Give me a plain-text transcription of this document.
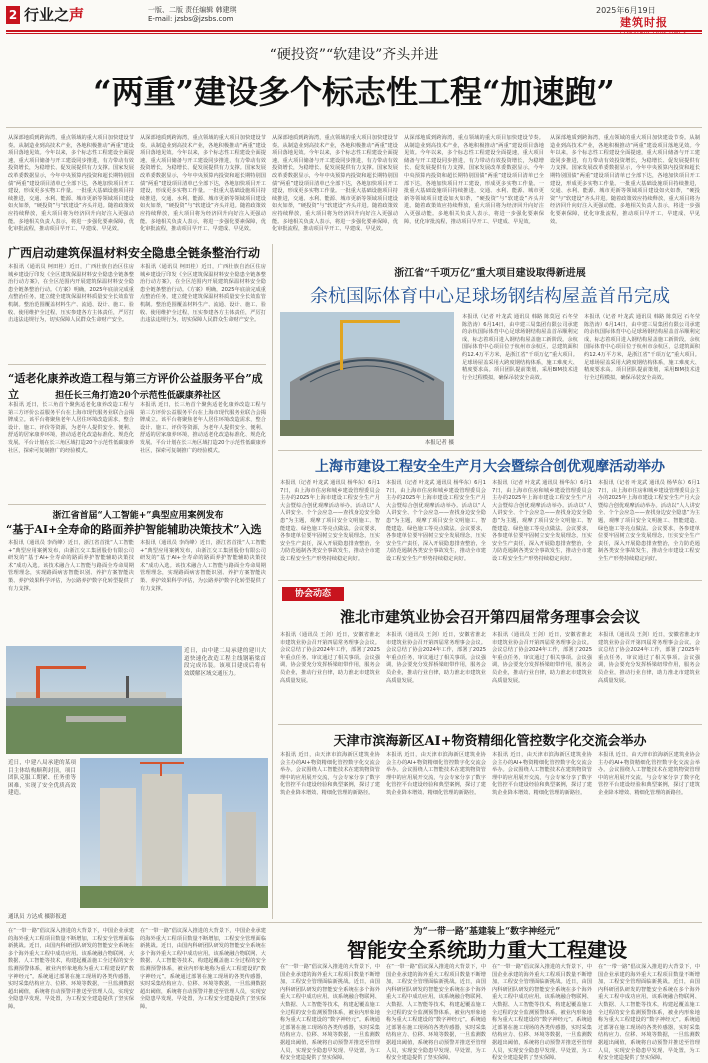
2 行业之声	一版、二版 责任编辑 韩建琪
E-mail: jzsbs@jzsbs.com
2025年6月19日
建筑时报
“硬投资”“软建设”齐头并进
“两重”建设多个标志性工程“加速跑”
从深部地质到跨海湾，重点领域的重大项目加快建设节奏。从制造业到高技术产业，各地积极推动“两重”建设项目落地见效。今年以来，多个标志性工程建设全面提速，重大项目储备与开工建设同步推进，有力带动有效投资增长，为稳增长、促发展提供有力支撑。国家发展改革委数据显示，今年中央预算内投资和超长期特别国债“两重”建设项目清单已全部下达，各地加快项目开工建设，形成更多实物工作量。一批重大基础设施项目持续推进，交通、水利、能源、城市更新等领域项目建设如火如荼，“硬投资”与“软建设”齐头并进。随着政策效应持续释放，重大项目将为经济回升向好注入更强动能。多地相关负责人表示，将进一步强化要素保障，优化审批流程，推动项目早开工、早建成、早见效。
从深部地质到跨海湾，重点领域的重大项目加快建设节奏。从制造业到高技术产业，各地积极推动“两重”建设项目落地见效。今年以来，多个标志性工程建设全面提速，重大项目储备与开工建设同步推进，有力带动有效投资增长，为稳增长、促发展提供有力支撑。国家发展改革委数据显示，今年中央预算内投资和超长期特别国债“两重”建设项目清单已全部下达，各地加快项目开工建设，形成更多实物工作量。一批重大基础设施项目持续推进，交通、水利、能源、城市更新等领域项目建设如火如荼，“硬投资”与“软建设”齐头并进。随着政策效应持续释放，重大项目将为经济回升向好注入更强动能。多地相关负责人表示，将进一步强化要素保障，优化审批流程，推动项目早开工、早建成、早见效。
从深部地质到跨海湾，重点领域的重大项目加快建设节奏。从制造业到高技术产业，各地积极推动“两重”建设项目落地见效。今年以来，多个标志性工程建设全面提速，重大项目储备与开工建设同步推进，有力带动有效投资增长，为稳增长、促发展提供有力支撑。国家发展改革委数据显示，今年中央预算内投资和超长期特别国债“两重”建设项目清单已全部下达，各地加快项目开工建设，形成更多实物工作量。一批重大基础设施项目持续推进，交通、水利、能源、城市更新等领域项目建设如火如荼，“硬投资”与“软建设”齐头并进。随着政策效应持续释放，重大项目将为经济回升向好注入更强动能。多地相关负责人表示，将进一步强化要素保障，优化审批流程，推动项目早开工、早建成、早见效。
从深部地质到跨海湾，重点领域的重大项目加快建设节奏。从制造业到高技术产业，各地积极推动“两重”建设项目落地见效。今年以来，多个标志性工程建设全面提速，重大项目储备与开工建设同步推进，有力带动有效投资增长，为稳增长、促发展提供有力支撑。国家发展改革委数据显示，今年中央预算内投资和超长期特别国债“两重”建设项目清单已全部下达，各地加快项目开工建设，形成更多实物工作量。一批重大基础设施项目持续推进，交通、水利、能源、城市更新等领域项目建设如火如荼，“硬投资”与“软建设”齐头并进。随着政策效应持续释放，重大项目将为经济回升向好注入更强动能。多地相关负责人表示，将进一步强化要素保障，优化审批流程，推动项目早开工、早建成、早见效。
从深部地质到跨海湾，重点领域的重大项目加快建设节奏。从制造业到高技术产业，各地积极推动“两重”建设项目落地见效。今年以来，多个标志性工程建设全面提速，重大项目储备与开工建设同步推进，有力带动有效投资增长，为稳增长、促发展提供有力支撑。国家发展改革委数据显示，今年中央预算内投资和超长期特别国债“两重”建设项目清单已全部下达，各地加快项目开工建设，形成更多实物工作量。一批重大基础设施项目持续推进，交通、水利、能源、城市更新等领域项目建设如火如荼，“硬投资”与“软建设”齐头并进。随着政策效应持续释放，重大项目将为经济回升向好注入更强动能。多地相关负责人表示，将进一步强化要素保障，优化审批流程，推动项目早开工、早建成、早见效。
广西启动建筑保温材料安全隐患全链条整治行动
本报讯（通讯员 柯田桂）近日，广西壮族自治区住房城乡建设厅印发《全区建筑保温材料安全隐患全链条整治行动方案》，在全区范围内开展建筑保温材料安全隐患全链条整治行动。《方案》明确，2025年底前完成重点整治任务，建立健全建筑保温材料质量安全长效监管机制。整治范围覆盖材料生产、流通、设计、施工、验收、使用维护全过程，压实参建各方主体责任，严厉打击违法违规行为，切实保障人民群众生命财产安全。
本报讯（通讯员 柯田桂）近日，广西壮族自治区住房城乡建设厅印发《全区建筑保温材料安全隐患全链条整治行动方案》，在全区范围内开展建筑保温材料安全隐患全链条整治行动。《方案》明确，2025年底前完成重点整治任务，建立健全建筑保温材料质量安全长效监管机制。整治范围覆盖材料生产、流通、设计、施工、验收、使用维护全过程，压实参建各方主体责任，严厉打击违法违规行为，切实保障人民群众生命财产安全。
“适老化康养改造工程与第三方评价公益服务平台”成立	担任长三角打造20个示范性低碳康养社区
本报讯 近日，长三角首个聚焦适老化康养改造工程与第三方评价公益服务平台在上海市现代服务业联合会揭牌成立。该平台将聚焦老年人居住环境改造需求，整合设计、施工、评价等资源，为老年人提供安全、便利、舒适的居家康养环境，推动适老化改造标准化、规范化发展。平台计划在长三角区域打造20个示范性低碳康养社区，探索可复制推广的经验模式。
本报讯 近日，长三角首个聚焦适老化康养改造工程与第三方评价公益服务平台在上海市现代服务业联合会揭牌成立。该平台将聚焦老年人居住环境改造需求，整合设计、施工、评价等资源，为老年人提供安全、便利、舒适的居家康养环境，推动适老化改造标准化、规范化发展。平台计划在长三角区域打造20个示范性低碳康养社区，探索可复制推广的经验模式。
浙江省首届“人工智能+”典型应用案例发布
“基于AI+全寿命的路面养护智能辅助决策技术”入选
本报讯（通讯员 李尚峰）近日，浙江省首批“人工智能+”典型应用案例发布，由浙江交工集团股份有限公司研发的“基于AI+全寿命的路面养护智能辅助决策技术”成功入选。该技术融合人工智能与路面全寿命周期管理理念，实现路面病害智能识别、养护方案智能决策、养护效果科学评估，为公路养护数字化转型提供了有力支撑。
本报讯（通讯员 李尚峰）近日，浙江省首批“人工智能+”典型应用案例发布，由浙江交工集团股份有限公司研发的“基于AI+全寿命的路面养护智能辅助决策技术”成功入选。该技术融合人工智能与路面全寿命周期管理理念，实现路面病害智能识别、养护方案智能决策、养护效果科学评估，为公路养护数字化转型提供了有力支撑。
近日，由中建二局承建的建川大道快速化改造工程主线钢箱梁首段完成吊装。该项目建成后将有效缓解区域交通压力。
近日，中建八局承建的某项目主体结构顺利封顶，项目团队克服工期紧、任务重等困难，实现了安全优质高效建造。
通讯员 方达成 摄影报道
浙江省“千项万亿”重大项目建设取得新进展
余杭国际体育中心足球场钢结构屋盖首吊完成
本报记者 摄
本报讯（记者 叶龙武 通讯员 韩路 陈莫冠 石冬莹 陈浩涛）6月14日，由中建三局集团有限公司承建的余杭国际体育中心足球场钢结构屋盖首吊顺利完成，标志着项目进入钢结构屋盖施工新阶段。余杭国际体育中心项目位于杭州市余杭区，总建筑面积约12.4万平方米，是浙江省“千项万亿”重大项目。足球场屋盖采用大跨度钢结构体系，施工难度大、精度要求高。项目团队提前策划，采用BIM技术进行全过程模拟，确保吊装安全高效。
本报讯（记者 叶龙武 通讯员 韩路 陈莫冠 石冬莹 陈浩涛）6月14日，由中建三局集团有限公司承建的余杭国际体育中心足球场钢结构屋盖首吊顺利完成，标志着项目进入钢结构屋盖施工新阶段。余杭国际体育中心项目位于杭州市余杭区，总建筑面积约12.4万平方米，是浙江省“千项万亿”重大项目。足球场屋盖采用大跨度钢结构体系，施工难度大、精度要求高。项目团队提前策划，采用BIM技术进行全过程模拟，确保吊装安全高效。
上海市建设工程安全生产月大会暨综合创优观摩活动举办
本报讯（记者 叶龙武 通讯员 杨华东）6月17日，由上海市住房和城乡建设管理委员会主办的2025年上海市建设工程安全生产月大会暨综合创优观摩活动举办。活动以“人人讲安全、个个会应急——查找身边安全隐患”为主题，观摩了项目安全文明施工、智能建造、绿色施工等亮点做法。会议要求，各参建单位要牢固树立安全发展理念，压实安全生产责任，深入开展隐患排查整治，全力防范遏制各类安全事故发生，推动全市建设工程安全生产形势持续稳定向好。
本报讯（记者 叶龙武 通讯员 杨华东）6月17日，由上海市住房和城乡建设管理委员会主办的2025年上海市建设工程安全生产月大会暨综合创优观摩活动举办。活动以“人人讲安全、个个会应急——查找身边安全隐患”为主题，观摩了项目安全文明施工、智能建造、绿色施工等亮点做法。会议要求，各参建单位要牢固树立安全发展理念，压实安全生产责任，深入开展隐患排查整治，全力防范遏制各类安全事故发生，推动全市建设工程安全生产形势持续稳定向好。
本报讯（记者 叶龙武 通讯员 杨华东）6月17日，由上海市住房和城乡建设管理委员会主办的2025年上海市建设工程安全生产月大会暨综合创优观摩活动举办。活动以“人人讲安全、个个会应急——查找身边安全隐患”为主题，观摩了项目安全文明施工、智能建造、绿色施工等亮点做法。会议要求，各参建单位要牢固树立安全发展理念，压实安全生产责任，深入开展隐患排查整治，全力防范遏制各类安全事故发生，推动全市建设工程安全生产形势持续稳定向好。
本报讯（记者 叶龙武 通讯员 杨华东）6月17日，由上海市住房和城乡建设管理委员会主办的2025年上海市建设工程安全生产月大会暨综合创优观摩活动举办。活动以“人人讲安全、个个会应急——查找身边安全隐患”为主题，观摩了项目安全文明施工、智能建造、绿色施工等亮点做法。会议要求，各参建单位要牢固树立安全发展理念，压实安全生产责任，深入开展隐患排查整治，全力防范遏制各类安全事故发生，推动全市建设工程安全生产形势持续稳定向好。
协会动态
淮北市建筑业协会召开第四届常务理事会会议
本报讯（通讯员 王剑）近日，安徽省淮北市建筑业协会召开第四届常务理事会会议。会议总结了协会2024年工作，部署了2025年重点任务，审议通过了相关事项。会议强调，协会要充分发挥桥梁纽带作用，服务会员企业，推动行业自律，助力淮北市建筑业高质量发展。
本报讯（通讯员 王剑）近日，安徽省淮北市建筑业协会召开第四届常务理事会会议。会议总结了协会2024年工作，部署了2025年重点任务，审议通过了相关事项。会议强调，协会要充分发挥桥梁纽带作用，服务会员企业，推动行业自律，助力淮北市建筑业高质量发展。
本报讯（通讯员 王剑）近日，安徽省淮北市建筑业协会召开第四届常务理事会会议。会议总结了协会2024年工作，部署了2025年重点任务，审议通过了相关事项。会议强调，协会要充分发挥桥梁纽带作用，服务会员企业，推动行业自律，助力淮北市建筑业高质量发展。
本报讯（通讯员 王剑）近日，安徽省淮北市建筑业协会召开第四届常务理事会会议。会议总结了协会2024年工作，部署了2025年重点任务，审议通过了相关事项。会议强调，协会要充分发挥桥梁纽带作用，服务会员企业，推动行业自律，助力淮北市建筑业高质量发展。
天津市滨海新区AI+物资精细化管控数字化交流会举办
本报讯 近日，由天津市滨海新区建筑业协会主办的AI+物资精细化管控数字化交流会举办。会议围绕人工智能技术在建筑物资管理中的应用展开交流，与会专家分享了数字化管控平台建设经验和典型案例，探讨了建筑企业降本增效、精细化管理的新路径。
本报讯 近日，由天津市滨海新区建筑业协会主办的AI+物资精细化管控数字化交流会举办。会议围绕人工智能技术在建筑物资管理中的应用展开交流，与会专家分享了数字化管控平台建设经验和典型案例，探讨了建筑企业降本增效、精细化管理的新路径。
本报讯 近日，由天津市滨海新区建筑业协会主办的AI+物资精细化管控数字化交流会举办。会议围绕人工智能技术在建筑物资管理中的应用展开交流，与会专家分享了数字化管控平台建设经验和典型案例，探讨了建筑企业降本增效、精细化管理的新路径。
本报讯 近日，由天津市滨海新区建筑业协会主办的AI+物资精细化管控数字化交流会举办。会议围绕人工智能技术在建筑物资管理中的应用展开交流，与会专家分享了数字化管控平台建设经验和典型案例，探讨了建筑企业降本增效、精细化管理的新路径。
为“一带一路”基建装上“数字神经元”
智能安全系统助力重大工程建设
在“一带一路”倡议深入推进的大背景下，中国企业承建的海外重大工程项目数量不断增加，工程安全管理面临新挑战。近日，由国内科研团队研发的智能安全系统在多个海外重大工程中成功应用。该系统融合物联网、大数据、人工智能等技术，构建起覆盖施工全过程的安全监测预警体系，被业内形象地称为重大工程建设的“数字神经元”。系统通过部署在施工现场的各类传感器，实时采集结构应力、位移、环境等数据，一旦监测数据超出阈值，系统将自动预警并推送至管理人员，实现安全隐患早发现、早处置，为工程安全建造提供了坚实保障。
在“一带一路”倡议深入推进的大背景下，中国企业承建的海外重大工程项目数量不断增加，工程安全管理面临新挑战。近日，由国内科研团队研发的智能安全系统在多个海外重大工程中成功应用。该系统融合物联网、大数据、人工智能等技术，构建起覆盖施工全过程的安全监测预警体系，被业内形象地称为重大工程建设的“数字神经元”。系统通过部署在施工现场的各类传感器，实时采集结构应力、位移、环境等数据，一旦监测数据超出阈值，系统将自动预警并推送至管理人员，实现安全隐患早发现、早处置，为工程安全建造提供了坚实保障。
在“一带一路”倡议深入推进的大背景下，中国企业承建的海外重大工程项目数量不断增加，工程安全管理面临新挑战。近日，由国内科研团队研发的智能安全系统在多个海外重大工程中成功应用。该系统融合物联网、大数据、人工智能等技术，构建起覆盖施工全过程的安全监测预警体系，被业内形象地称为重大工程建设的“数字神经元”。系统通过部署在施工现场的各类传感器，实时采集结构应力、位移、环境等数据，一旦监测数据超出阈值，系统将自动预警并推送至管理人员，实现安全隐患早发现、早处置，为工程安全建造提供了坚实保障。
在“一带一路”倡议深入推进的大背景下，中国企业承建的海外重大工程项目数量不断增加，工程安全管理面临新挑战。近日，由国内科研团队研发的智能安全系统在多个海外重大工程中成功应用。该系统融合物联网、大数据、人工智能等技术，构建起覆盖施工全过程的安全监测预警体系，被业内形象地称为重大工程建设的“数字神经元”。系统通过部署在施工现场的各类传感器，实时采集结构应力、位移、环境等数据，一旦监测数据超出阈值，系统将自动预警并推送至管理人员，实现安全隐患早发现、早处置，为工程安全建造提供了坚实保障。
在“一带一路”倡议深入推进的大背景下，中国企业承建的海外重大工程项目数量不断增加，工程安全管理面临新挑战。近日，由国内科研团队研发的智能安全系统在多个海外重大工程中成功应用。该系统融合物联网、大数据、人工智能等技术，构建起覆盖施工全过程的安全监测预警体系，被业内形象地称为重大工程建设的“数字神经元”。系统通过部署在施工现场的各类传感器，实时采集结构应力、位移、环境等数据，一旦监测数据超出阈值，系统将自动预警并推送至管理人员，实现安全隐患早发现、早处置，为工程安全建造提供了坚实保障。
在“一带一路”倡议深入推进的大背景下，中国企业承建的海外重大工程项目数量不断增加，工程安全管理面临新挑战。近日，由国内科研团队研发的智能安全系统在多个海外重大工程中成功应用。该系统融合物联网、大数据、人工智能等技术，构建起覆盖施工全过程的安全监测预警体系，被业内形象地称为重大工程建设的“数字神经元”。系统通过部署在施工现场的各类传感器，实时采集结构应力、位移、环境等数据，一旦监测数据超出阈值，系统将自动预警并推送至管理人员，实现安全隐患早发现、早处置，为工程安全建造提供了坚实保障。
